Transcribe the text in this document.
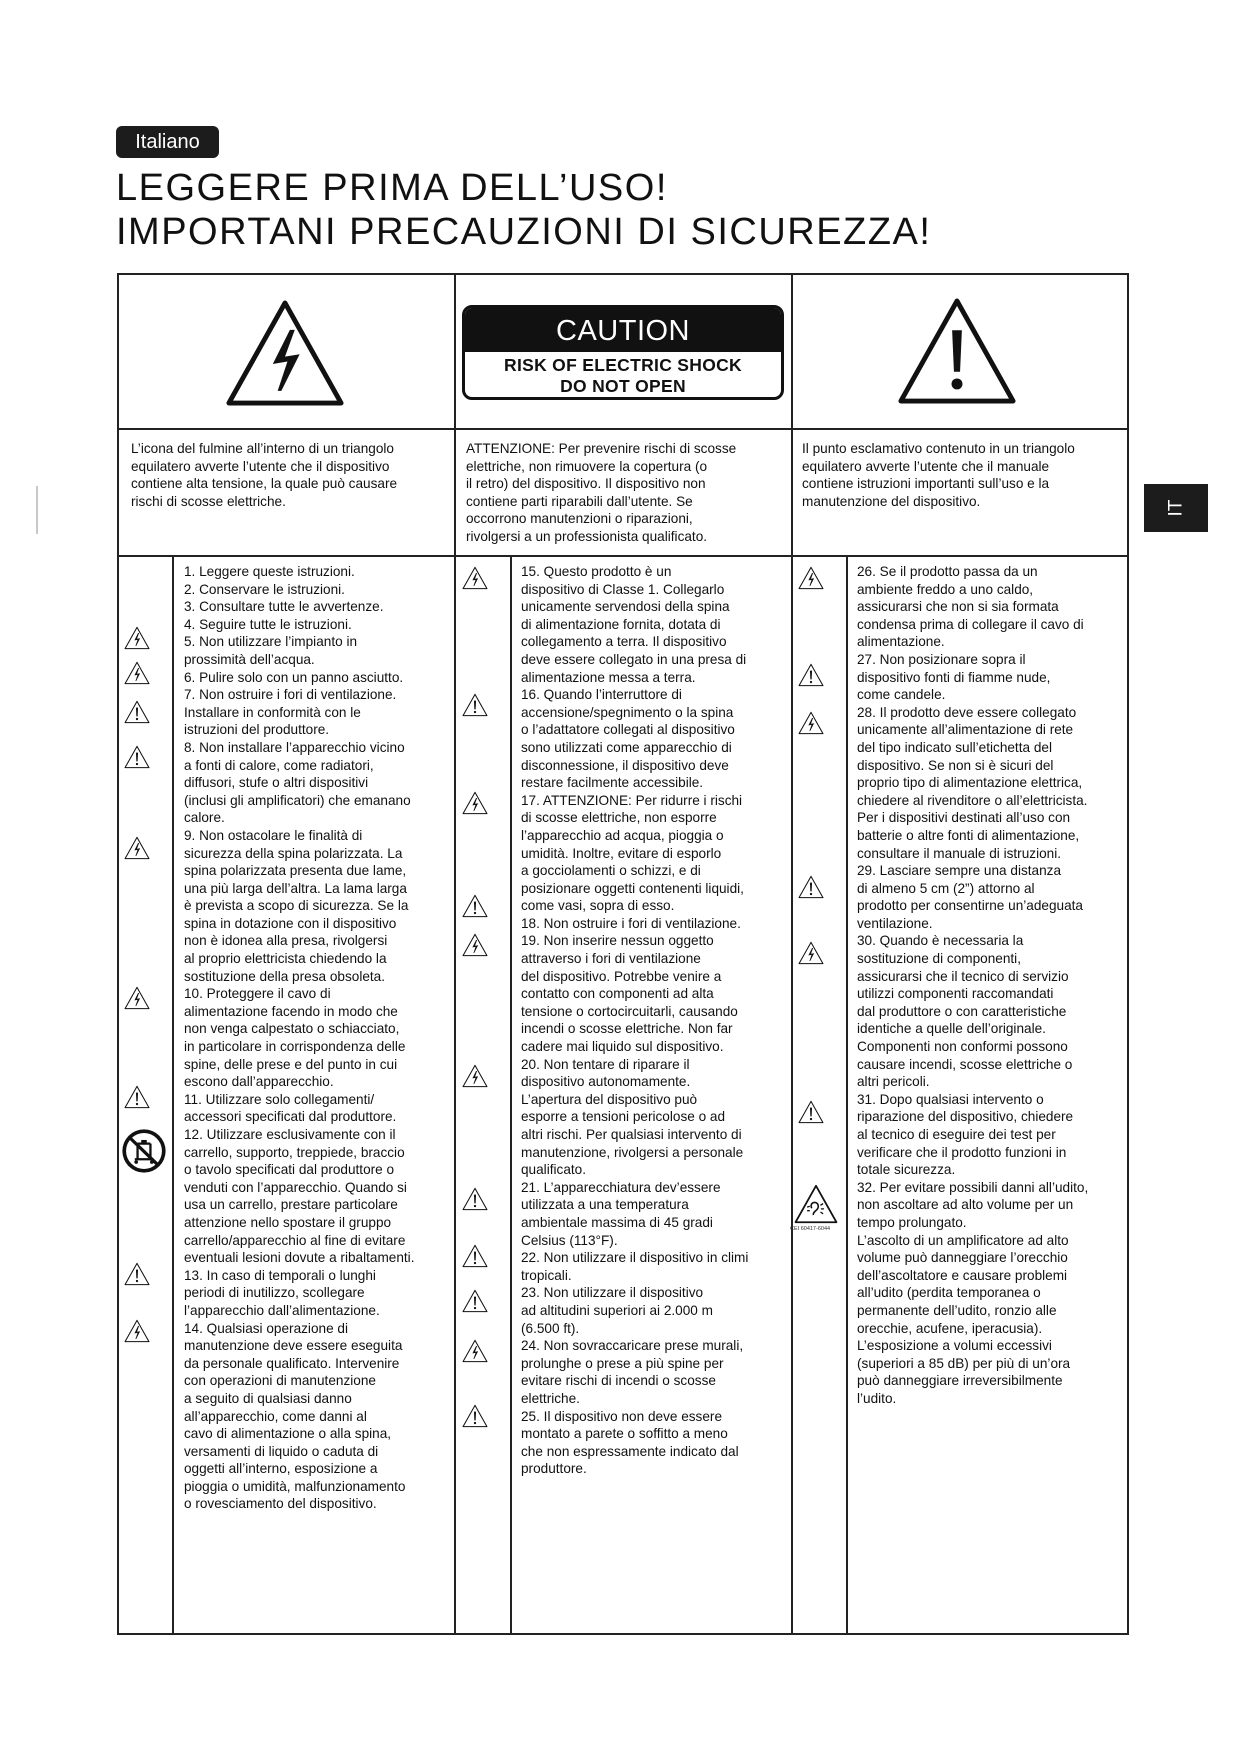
Italiano
LEGGERE PRIMA DELL’USO!
IMPORTANI PRECAUZIONI DI SICUREZZA!
IT
CAUTION
RISK OF ELECTRIC SHOCK
DO NOT OPEN
L’icona del fulmine all’interno di un triangolo
equilatero avverte l’utente che il dispositivo
contiene alta tensione, la quale può causare
rischi di scosse elettriche.
ATTENZIONE: Per prevenire rischi di scosse
elettriche, non rimuovere la copertura (o
il retro) del dispositivo. Il dispositivo non
contiene parti riparabili dall’utente. Se
occorrono manutenzioni o riparazioni,
rivolgersi a un professionista qualificato.
Il punto esclamativo contenuto in un triangolo
equilatero avverte l’utente che il manuale
contiene istruzioni importanti sull’uso e la
manutenzione del dispositivo.

1. Leggere queste istruzioni.

2. Conservare le istruzioni.

3. Consultare tutte le avvertenze.

4. Seguire tutte le istruzioni.

5. Non utilizzare l’impianto in

prossimità dell’acqua.

6. Pulire solo con un panno asciutto.

7. Non ostruire i fori di ventilazione.

Installare in conformità con le

istruzioni del produttore.

8. Non installare l’apparecchio vicino

a fonti di calore, come radiatori,

diffusori, stufe o altri dispositivi

(inclusi gli amplificatori) che emanano

calore.

9. Non ostacolare le finalità di

sicurezza della spina polarizzata. La

spina polarizzata presenta due lame,

una più larga dell’altra. La lama larga

è prevista a scopo di sicurezza. Se la

spina in dotazione con il dispositivo

non è idonea alla presa, rivolgersi

al proprio elettricista chiedendo la

sostituzione della presa obsoleta.

10. Proteggere il cavo di

alimentazione facendo in modo che

non venga calpestato o schiacciato,

in particolare in corrispondenza delle

spine, delle prese e del punto in cui

escono dall’apparecchio.

11. Utilizzare solo collegamenti/

accessori specificati dal produttore.

12. Utilizzare esclusivamente con il

carrello, supporto, treppiede, braccio

o tavolo specificati dal produttore o

venduti con l’apparecchio. Quando si

usa un carrello, prestare particolare

attenzione nello spostare il gruppo

carrello/apparecchio al fine di evitare

eventuali lesioni dovute a ribaltamenti.

13. In caso di temporali o lunghi

periodi di inutilizzo, scollegare

l’apparecchio dall’alimentazione.

14. Qualsiasi operazione di

manutenzione deve essere eseguita

da personale qualificato. Intervenire

con operazioni di manutenzione

a seguito di qualsiasi danno

all’apparecchio, come danni al

cavo di alimentazione o alla spina,

versamenti di liquido o caduta di

oggetti all’interno, esposizione a

pioggia o umidità, malfunzionamento

o rovesciamento del dispositivo.

15. Questo prodotto è un

dispositivo di Classe 1. Collegarlo

unicamente servendosi della spina

di alimentazione fornita, dotata di

collegamento a terra. Il dispositivo

deve essere collegato in una presa di

alimentazione messa a terra.

16. Quando l’interruttore di

accensione/spegnimento o la spina

o l’adattatore collegati al dispositivo

sono utilizzati come apparecchio di

disconnessione, il dispositivo deve

restare facilmente accessibile.

17. ATTENZIONE: Per ridurre i rischi

di scosse elettriche, non esporre

l’apparecchio ad acqua, pioggia o

umidità. Inoltre, evitare di esporlo

a gocciolamenti o schizzi, e di

posizionare oggetti contenenti liquidi,

come vasi, sopra di esso.

18. Non ostruire i fori di ventilazione.

19. Non inserire nessun oggetto

attraverso i fori di ventilazione

del dispositivo. Potrebbe venire a

contatto con componenti ad alta

tensione o cortocircuitarli, causando

incendi o scosse elettriche. Non far

cadere mai liquido sul dispositivo.

20. Non tentare di riparare il

dispositivo autonomamente.

L’apertura del dispositivo può

esporre a tensioni pericolose o ad

altri rischi. Per qualsiasi intervento di

manutenzione, rivolgersi a personale

qualificato.

21. L’apparecchiatura dev’essere

utilizzata a una temperatura

ambientale massima di 45 gradi

Celsius (113°F).

22. Non utilizzare il dispositivo in climi

tropicali.

23. Non utilizzare il dispositivo

ad altitudini superiori ai 2.000 m

(6.500 ft).

24. Non sovraccaricare prese murali,

prolunghe o prese a più spine per

evitare rischi di incendi o scosse

elettriche.

25. Il dispositivo non deve essere

montato a parete o soffitto a meno

che non espressamente indicato dal

produttore.

26. Se il prodotto passa da un

ambiente freddo a uno caldo,

assicurarsi che non si sia formata

condensa prima di collegare il cavo di

alimentazione.

27. Non posizionare sopra il

dispositivo fonti di fiamme nude,

come candele.

28. Il prodotto deve essere collegato

unicamente all’alimentazione di rete

del tipo indicato sull’etichetta del

dispositivo. Se non si è sicuri del

proprio tipo di alimentazione elettrica,

chiedere al rivenditore o all’elettricista.

Per i dispositivi destinati all’uso con

batterie o altre fonti di alimentazione,

consultare il manuale di istruzioni.

29. Lasciare sempre una distanza

di almeno 5 cm (2”) attorno al

prodotto per consentirne un’adeguata

ventilazione.

30. Quando è necessaria la

sostituzione di componenti,

assicurarsi che il tecnico di servizio

utilizzi componenti raccomandati

dal produttore o con caratteristiche

identiche a quelle dell’originale.

Componenti non conformi possono

causare incendi, scosse elettriche o

altri pericoli.

31. Dopo qualsiasi intervento o

riparazione del dispositivo, chiedere

al tecnico di eseguire dei test per

verificare che il prodotto funzioni in

totale sicurezza.

32. Per evitare possibili danni all’udito,

non ascoltare ad alto volume per un

tempo prolungato.

L’ascolto di un amplificatore ad alto

volume può danneggiare l’orecchio

dell’ascoltatore e causare problemi

all’udito (perdita temporanea o

permanente dell’udito, ronzio alle

orecchie, acufene, iperacusia).

L’esposizione a volumi eccessivi

(superiori a 85 dB) per più di un’ora

può danneggiare irreversibilmente

l’udito.

CEI 60417-6044
